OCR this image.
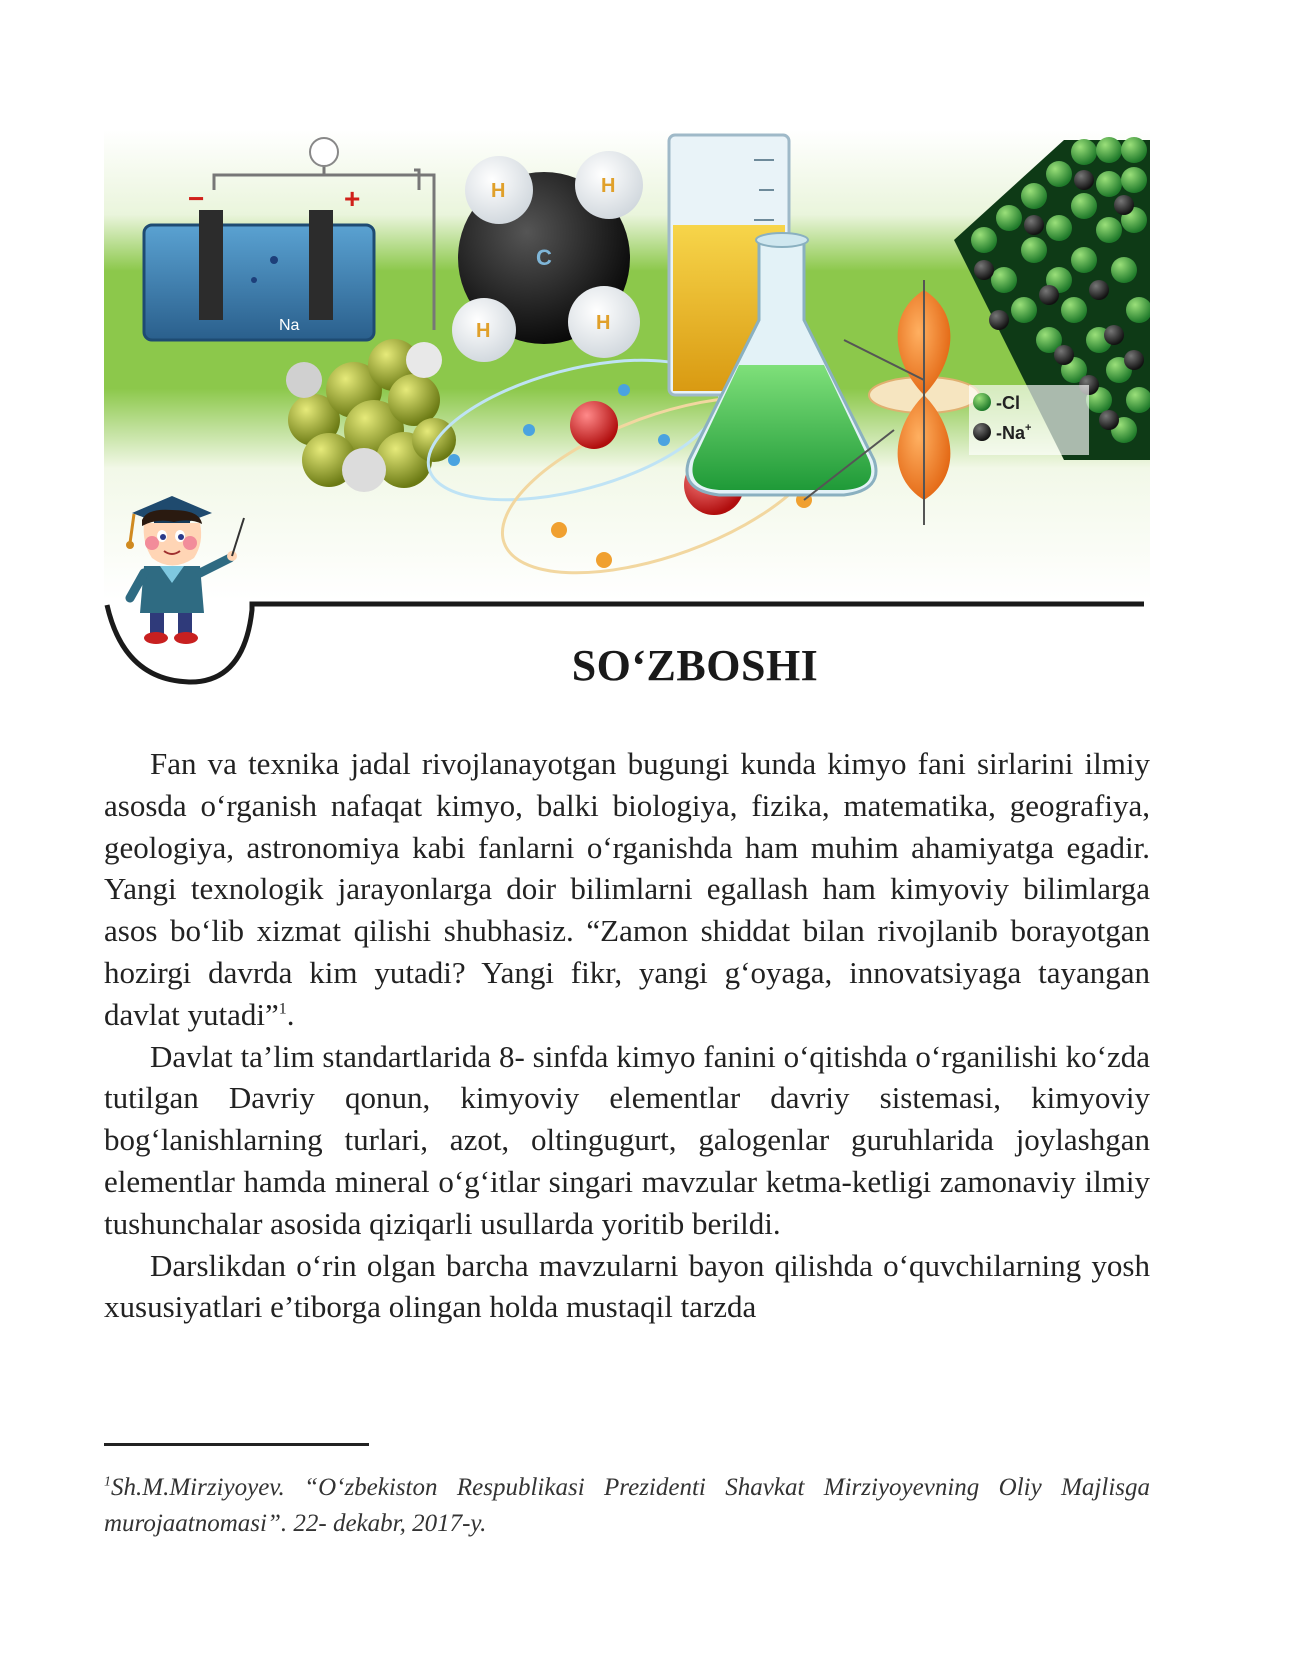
−	+
Na
H	H
C
H	H
-Cl
-Na+
SO‘ZBOSHI

Fan va texnika jadal rivojlanayotgan bugungi kunda kimyo fani sirlarini ilmiy asosda o‘rganish nafaqat kimyo, balki biologiya, fizika, matematika, geografiya, geologiya, astronomiya kabi fanlarni o‘rganishda ham muhim ahamiyatga egadir. Yangi texnologik jarayonlarga doir bilimlarni egallash ham kimyoviy bilimlarga asos bo‘lib xizmat qilishi shubhasiz. “Zamon shiddat bilan rivojlanib borayotgan hozirgi davrda kim yutadi? Yangi fikr, yangi g‘oyaga, innovatsiyaga tayangan davlat yutadi”$^1$.

Davlat ta’lim standartlarida 8- sinfda kimyo fanini o‘qitishda o‘rganilishi ko‘zda tutilgan Davriy qonun, kimyoviy elementlar davriy sistemasi, kimyoviy bog‘lanishlarning turlari, azot, oltingugurt, galogenlar guruhlarida joylashgan elementlar hamda mineral o‘g‘itlar singari mavzular ketma-ketligi zamonaviy ilmiy tushunchalar asosida qiziqarli usullarda yoritib berildi.

Darslikdan o‘rin olgan barcha mavzularni bayon qilishda o‘quvchilarning yosh xususiyatlari e’tiborga olingan holda mustaqil tarzda

$^1$Sh.M.Mirziyoyev. “O‘zbekiston Respublikasi Prezidenti Shavkat Mirziyoyevning Oliy Majlisga murojaatnomasi”. 22- dekabr, 2017-y.
